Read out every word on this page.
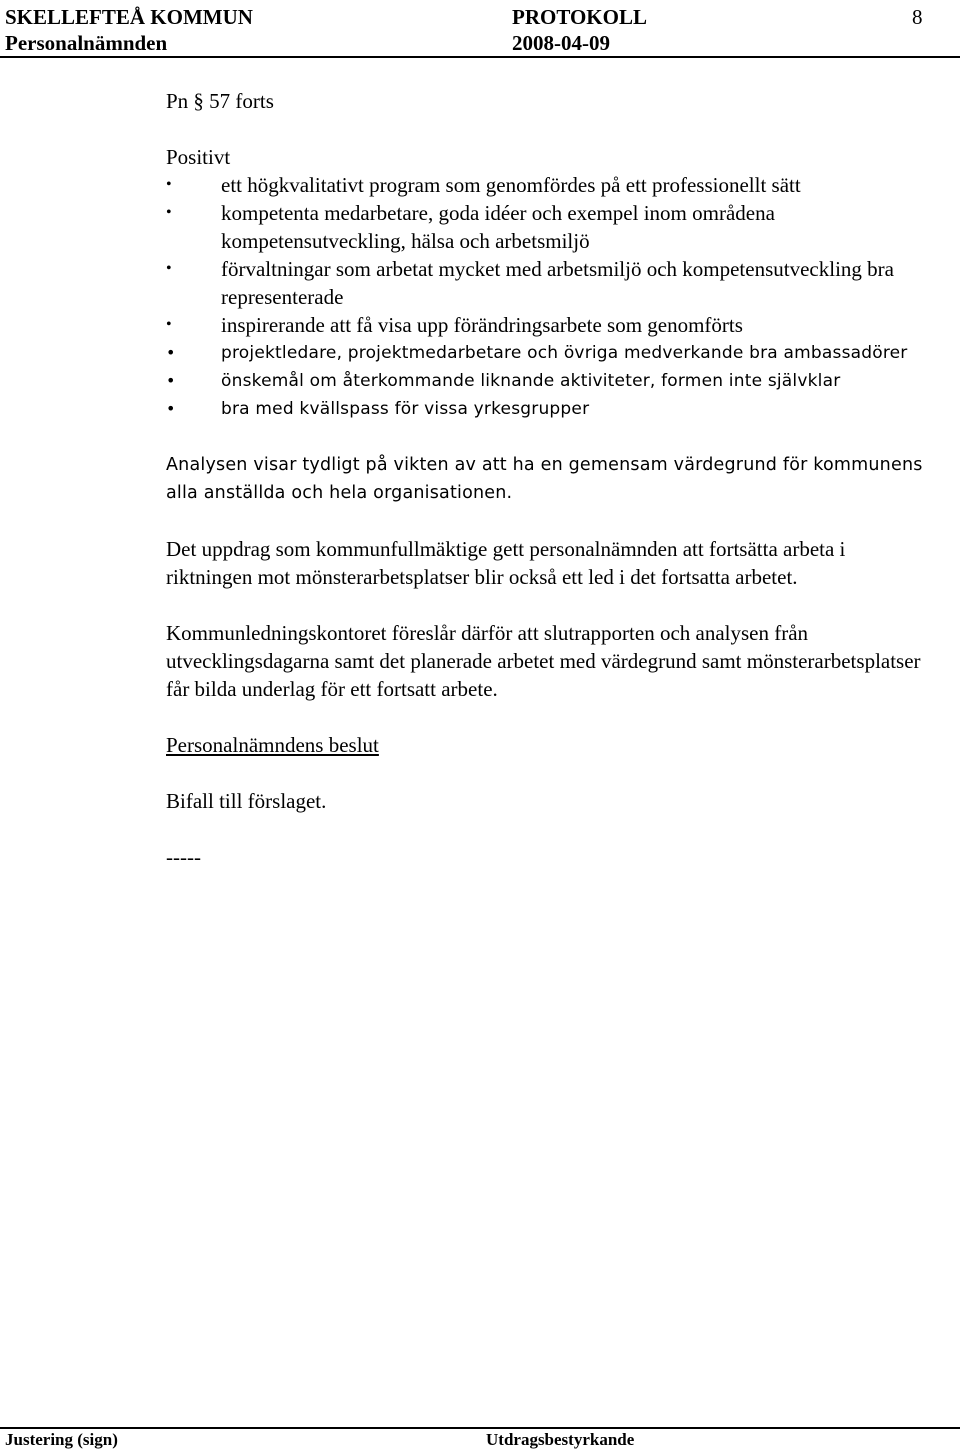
SKELLEFTEÅ KOMMUN
Personalnämnden
PROTOKOLL
2008-04-09
8

Pn § 57 forts

Positivt

• ett högkvalitativt program som genomfördes på ett professionellt sätt
• kompetenta medarbetare, goda idéer och exempel inom områdena kompetensutveckling, hälsa och arbetsmiljö
• förvaltningar som arbetat mycket med arbetsmiljö och kompetensutveckling bra representerade
• inspirerande att få visa upp förändringsarbete som genomförts
•	projektledare, projektmedarbetare och övriga medverkande bra ambassadörer
•	önskemål om återkommande liknande aktiviteter, formen inte självklar
•	bra med kvällspass för vissa yrkesgrupper

Analysen visar tydligt på vikten av att ha en gemensam värdegrund för kommunens alla anställda och hela organisationen.

Det uppdrag som kommunfullmäktige gett personalnämnden att fortsätta arbeta i riktningen mot mönsterarbetsplatser blir också ett led i det fortsatta arbetet.

Kommunledningskontoret föreslår därför att slutrapporten och analysen från utvecklingsdagarna samt det planerade arbetet med värdegrund samt mönsterarbetsplatser får bilda underlag för ett fortsatt arbete.

Personalnämndens beslut

Bifall till förslaget.

-----

Justering (sign)	Utdragsbestyrkande
